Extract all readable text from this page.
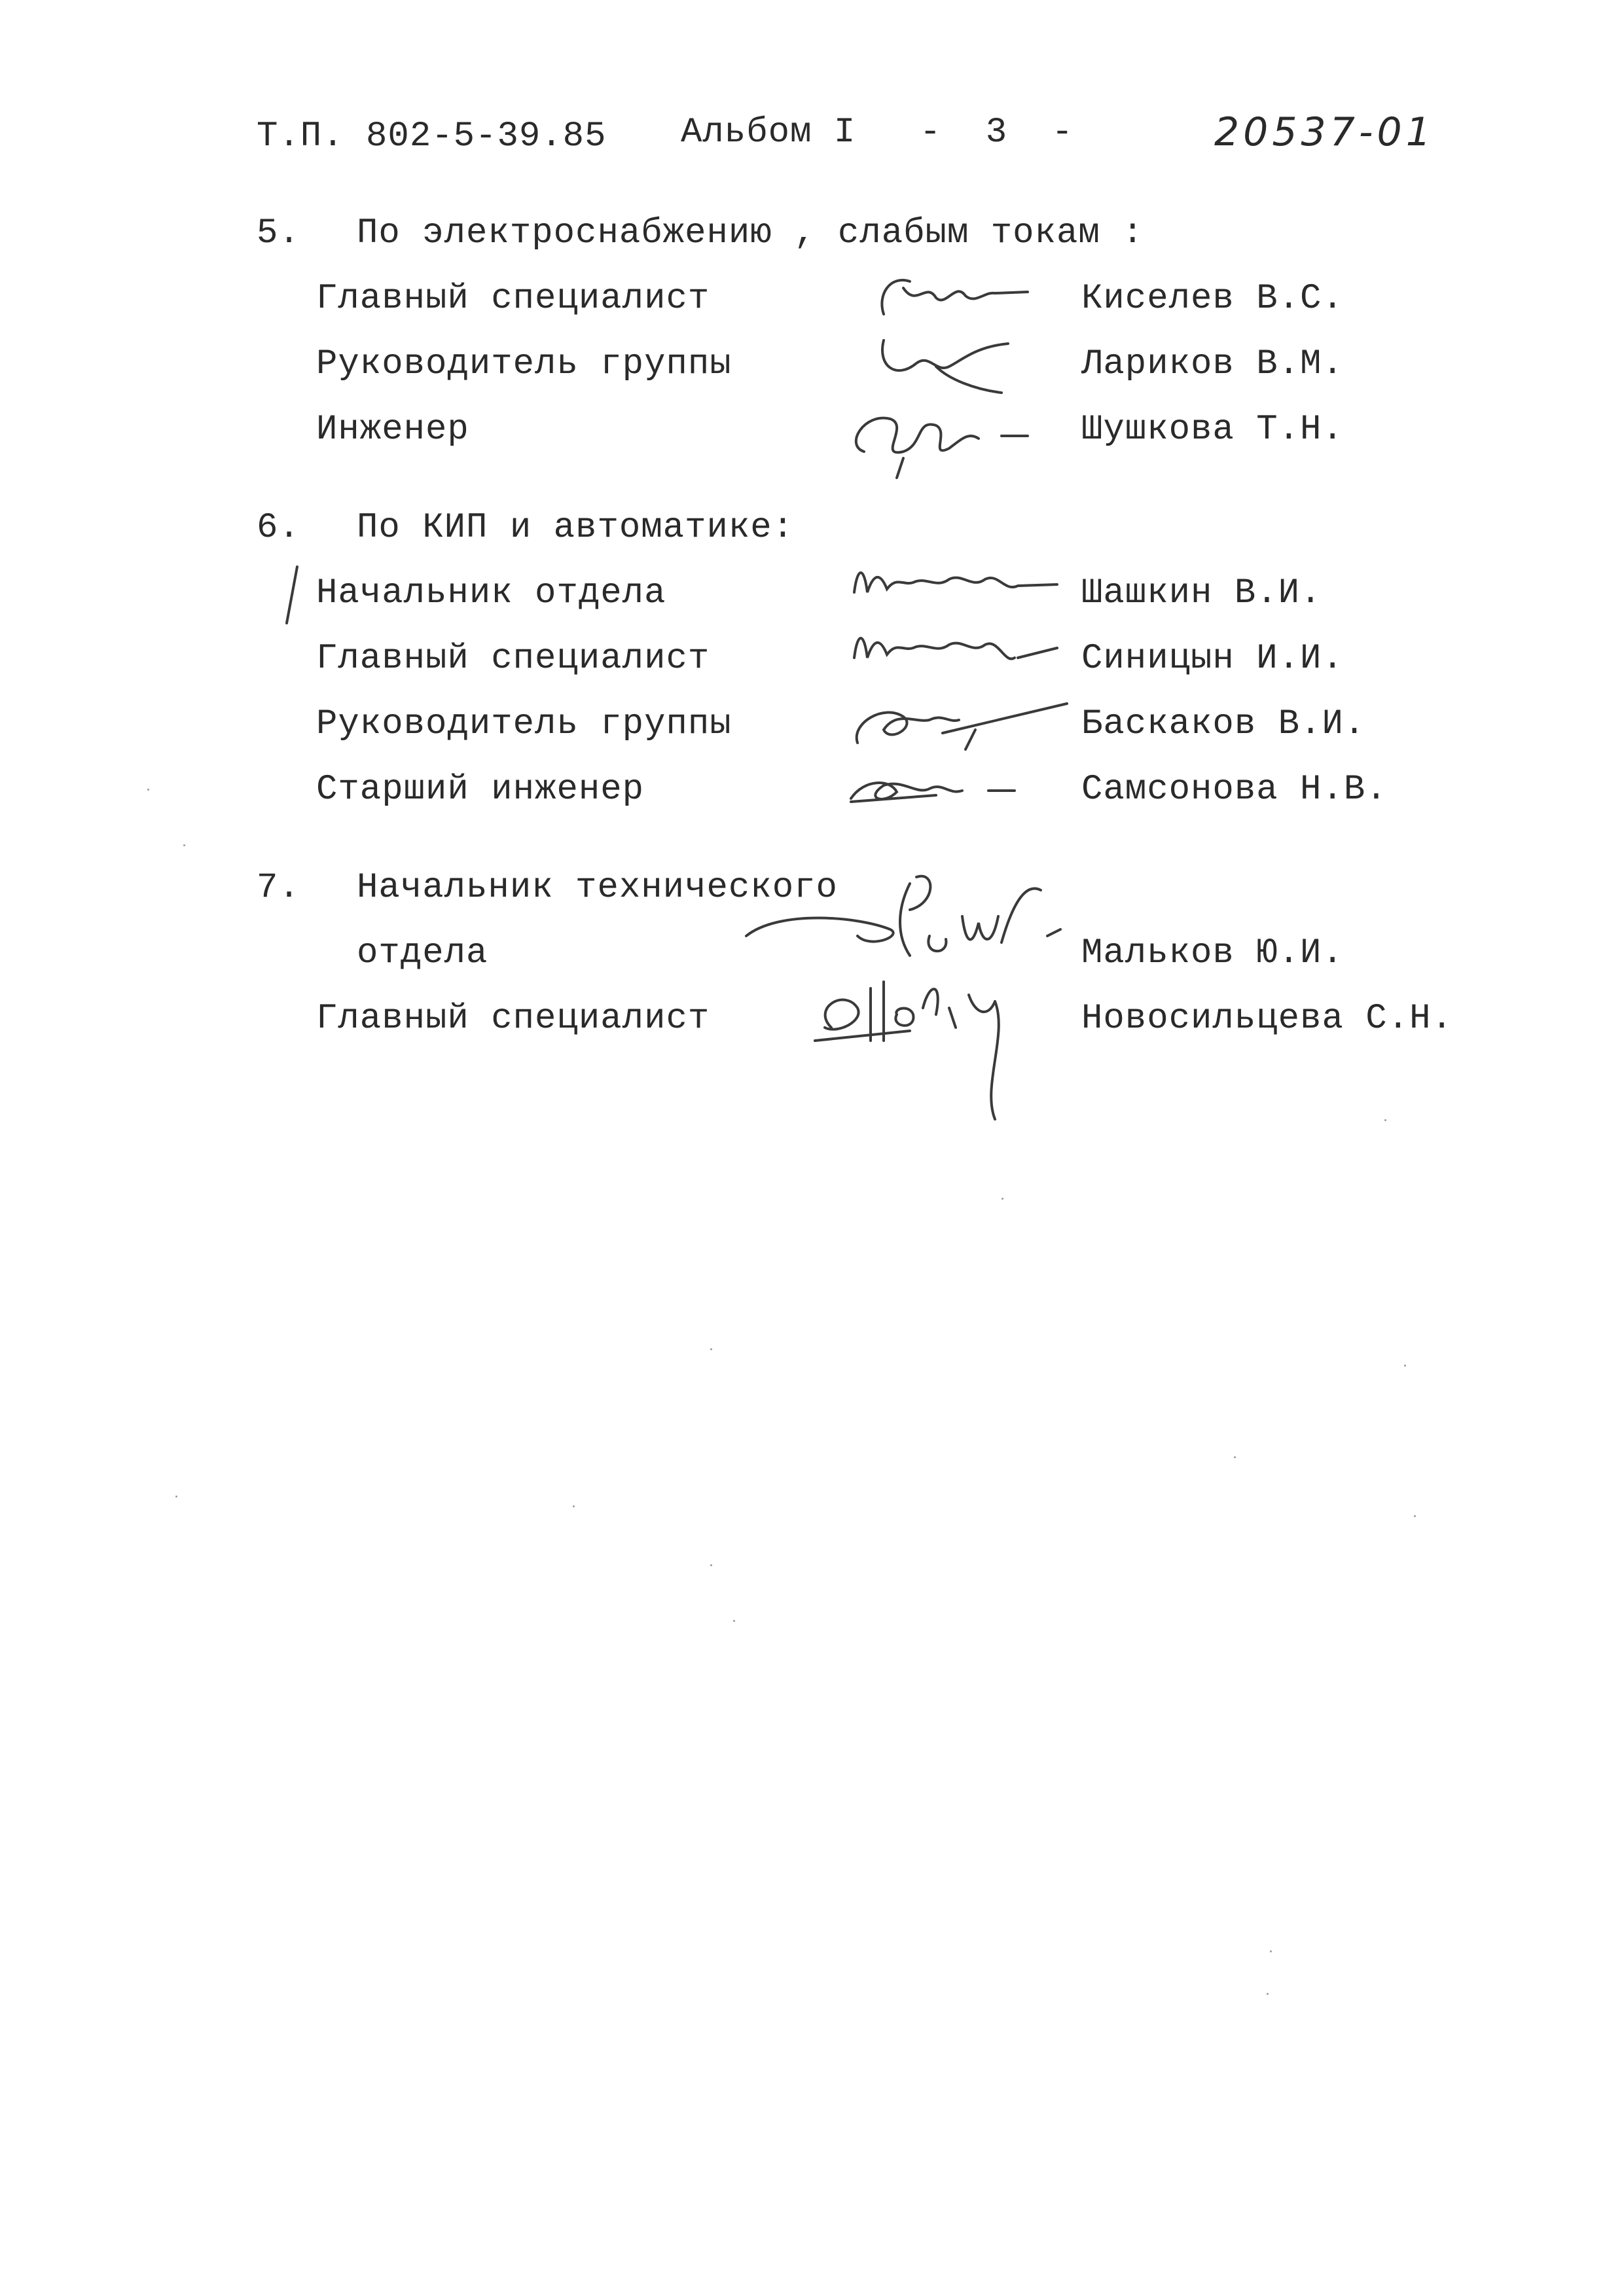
Т.П. 802-5-39.85 Альбом I - 3 -	20537-01
5. По электроснабжению , слабым токам :
Главный специалист	Киселев В.С.
Руководитель группы	Лариков В.М.
Инженер	Шушкова Т.Н.
6. По КИП и автоматике:
Начальник отдела	Шашкин В.И.
Главный специалист	Синицын И.И.
Руководитель группы	Баскаков В.И.
Старший инженер	Самсонова Н.В.
7. Начальник технического
отдела	Мальков Ю.И.
Главный специалист	Новосильцева С.Н.
